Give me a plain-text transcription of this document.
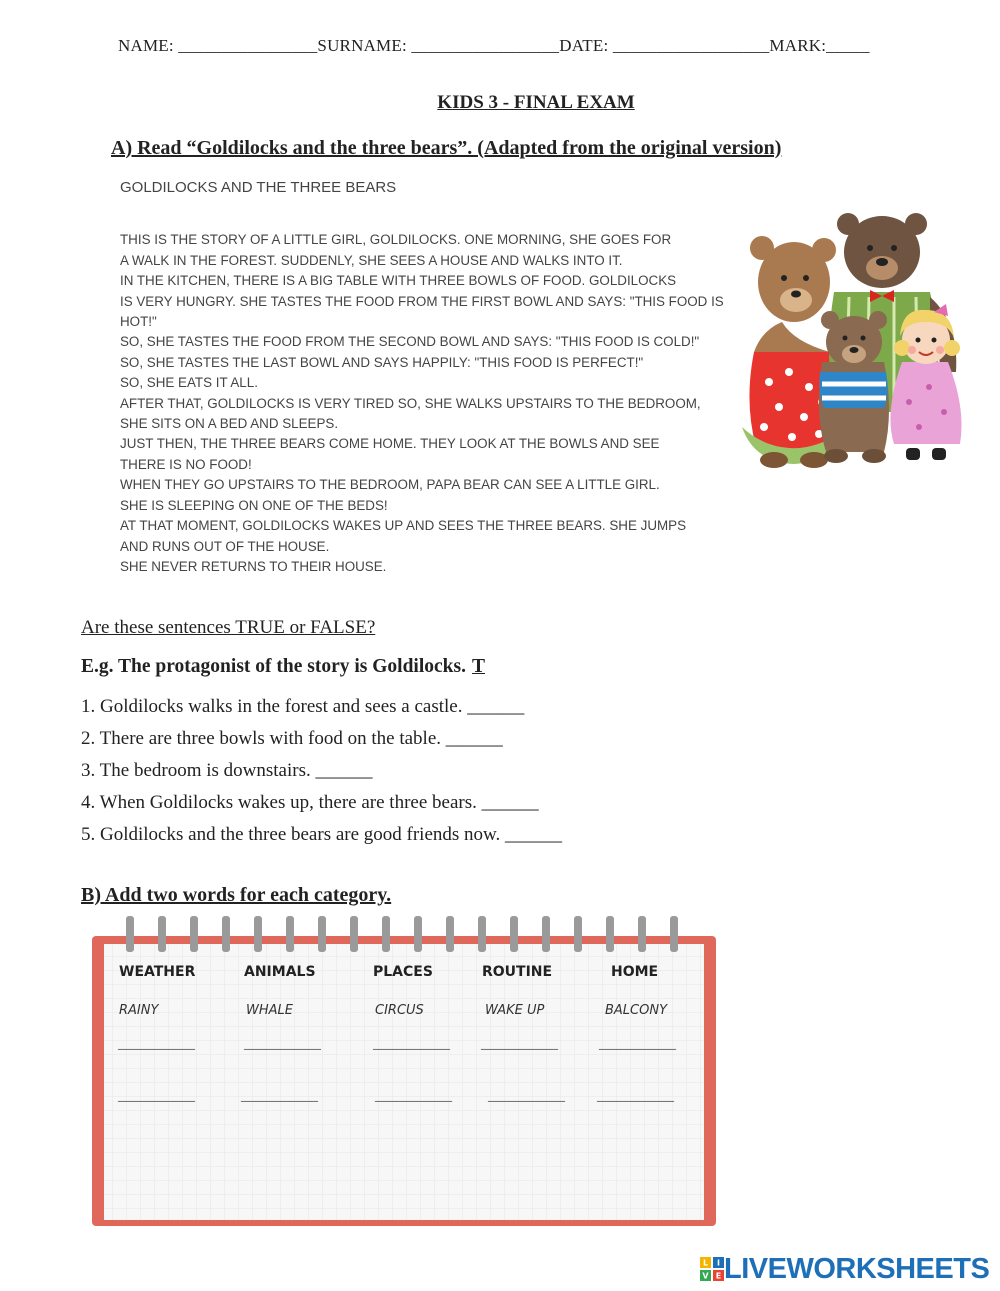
NAME: ________________SURNAME: _________________DATE: __________________MARK:_____
KIDS 3 - FINAL EXAM
A) Read “Goldilocks and the three bears”. (Adapted from the original version)
GOLDILOCKS AND THE THREE BEARS
THIS IS THE STORY OF A LITTLE GIRL, GOLDILOCKS. ONE MORNING, SHE GOES FOR
A WALK IN THE FOREST. SUDDENLY, SHE SEES A HOUSE AND WALKS INTO IT.
IN THE KITCHEN, THERE IS A BIG TABLE WITH THREE BOWLS OF FOOD. GOLDILOCKS
IS VERY HUNGRY. SHE TASTES THE FOOD FROM THE FIRST BOWL AND SAYS: "THIS FOOD IS
HOT!"
SO, SHE TASTES THE FOOD FROM THE SECOND BOWL AND SAYS: "THIS FOOD IS COLD!"
SO, SHE TASTES THE LAST BOWL AND SAYS HAPPILY: "THIS FOOD IS PERFECT!"
SO, SHE EATS IT ALL.
AFTER THAT, GOLDILOCKS IS VERY TIRED SO, SHE WALKS UPSTAIRS TO THE BEDROOM,
SHE SITS ON A BED AND SLEEPS.
JUST THEN, THE THREE BEARS COME HOME. THEY LOOK AT THE BOWLS AND SEE
THERE IS NO FOOD!
WHEN THEY GO UPSTAIRS TO THE BEDROOM, PAPA BEAR CAN SEE A LITTLE GIRL.
SHE IS SLEEPING ON ONE OF THE BEDS!
AT THAT MOMENT, GOLDILOCKS WAKES UP AND SEES THE THREE BEARS. SHE JUMPS
AND RUNS OUT OF THE HOUSE.
SHE NEVER RETURNS TO THEIR HOUSE.
Are these sentences TRUE or FALSE?
E.g. The protagonist of the story is Goldilocks. T
1. Goldilocks walks in the forest and sees a castle. ______
2. There are three bowls with food on the table. ______
3. The bedroom is downstairs. ______
4. When Goldilocks wakes up, there are three bears. ______
5. Goldilocks and the three bears are good friends now. ______
B) Add two words for each category.
WEATHER	ANIMALS	PLACES	ROUTINE	HOME
RAINY	WHALE	CIRCUS	WAKE UP	BALCONY
___________	___________	___________ ___________	___________
___________	___________	___________	___________ ___________
L I
V E LIVEWORKSHEETS
